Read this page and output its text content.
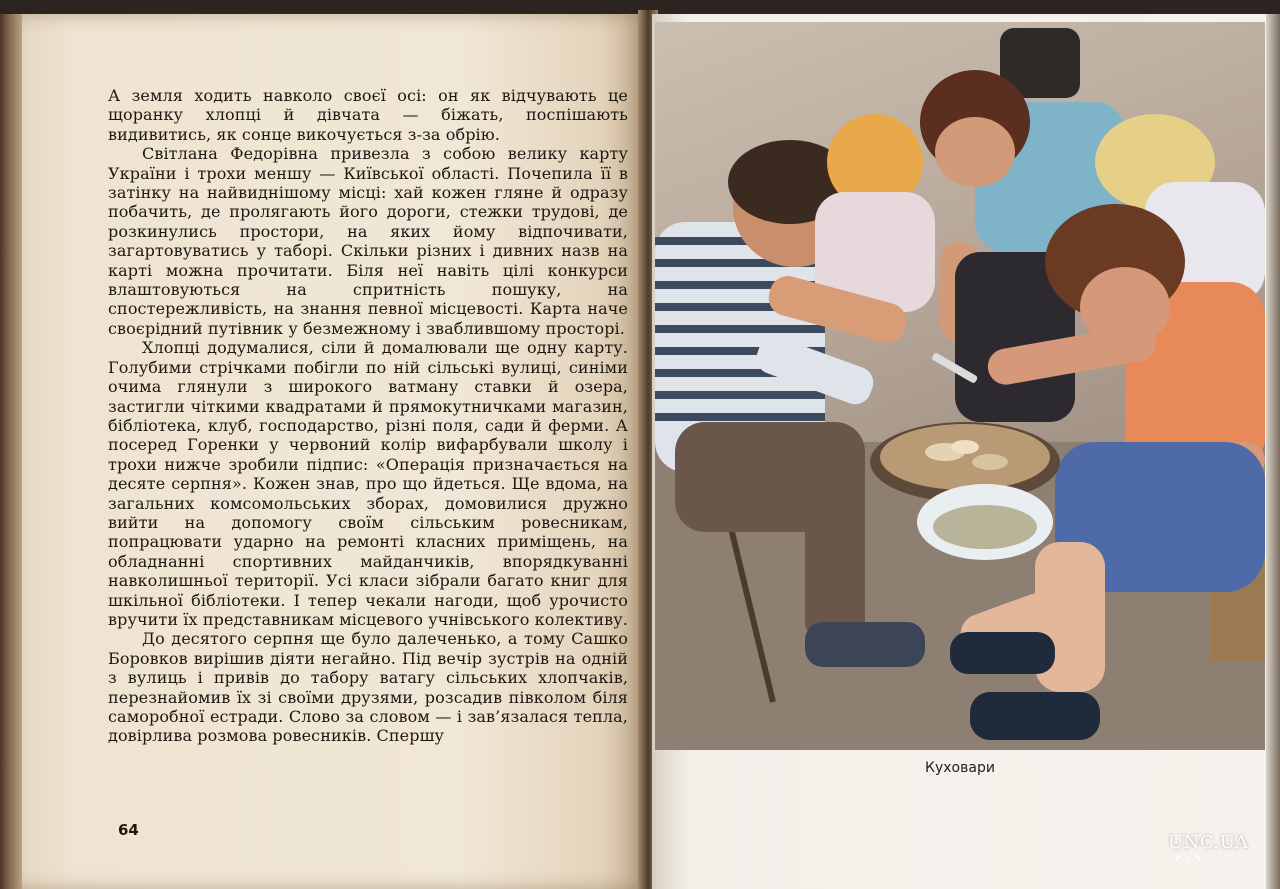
А земля ходить навколо своєї осі: он як відчувають це щоранку хлопці й дівчата — біжать, поспішають видивитись, як сонце викочується з-за обрію.

Світлана Федорівна привезла з собою велику карту України і трохи меншу — Київської області. Почепила її в затінку на найвиднішому місці: хай кожен гляне й одразу побачить, де пролягають його дороги, стежки трудові, де розкинулись простори, на яких йому відпочивати, загартовуватись у таборі. Скільки різних і дивних назв на карті можна прочитати. Біля неї навіть цілі конкурси влаштовуються на спритність пошуку, на спостережливість, на знання певної місцевості. Карта наче своєрідний путівник у безмежному і зваблившому просторі.

Хлопці додумалися, сіли й домалювали ще одну карту. Голубими стрічками побігли по ній сільські вулиці, синіми очима глянули з широкого ватману ставки й озера, застигли чіткими квадратами й прямокутничками магазин, бібліотека, клуб, господарство, різні поля, сади й ферми. А посеред Горенки у червоний колір вифарбували школу і трохи нижче зробили підпис: «Операція призначається на десяте серпня». Кожен знав, про що йдеться. Ще вдома, на загальних комсомольських зборах, домовилися дружно вийти на допомогу своїм сільським ровесникам, попрацювати ударно на ремонті класних приміщень, на обладнанні спортивних майданчиків, впорядкуванні навколишньої території. Усі класи зібрали багато книг для шкільної бібліотеки. І тепер чекали нагоди, щоб урочисто вручити їх представникам місцевого учнівського колективу.

До десятого серпня ще було далеченько, а тому Сашко Боровков вирішив діяти негайно. Під вечір зустрів на одній з вулиць і привів до табору ватагу сільських хлопчаків, перезнайомив їх зі своїми друзями, розсадив півколом біля саморобної естради. Слово за словом — і зав’язалася тепла, довірлива розмова ровесників. Спершу

64
Куховари
UNC.UA
